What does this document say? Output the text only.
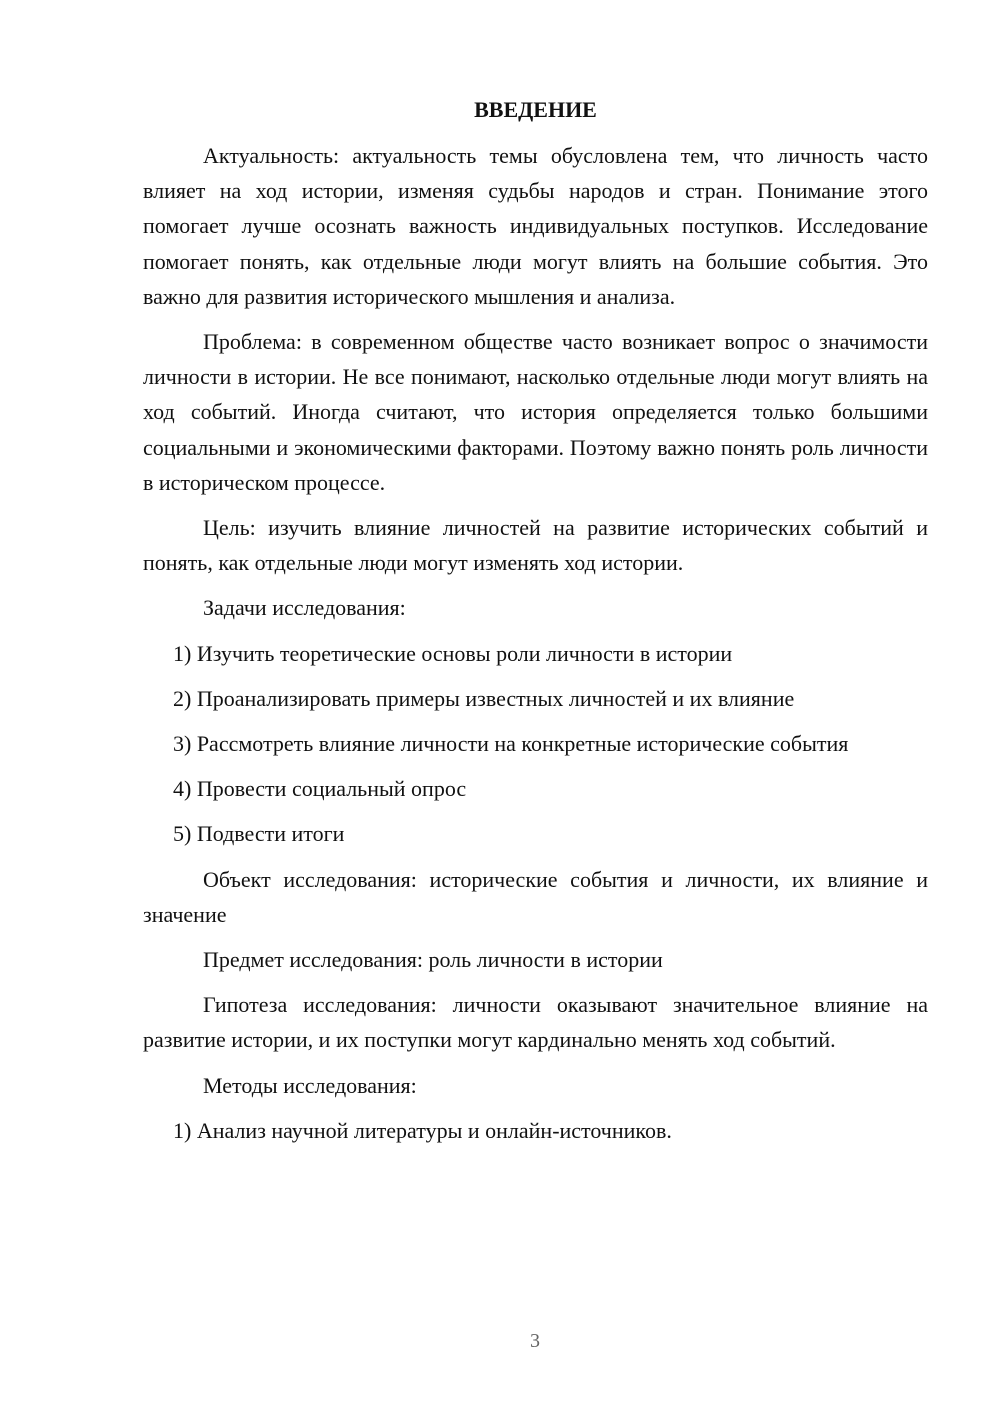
ВВЕДЕНИЕ
Актуальность: актуальность темы обусловлена тем, что личность часто влияет на ход истории, изменяя судьбы народов и стран. Понимание этого помогает лучше осознать важность индивидуальных поступков. Исследование помогает понять, как отдельные люди могут влиять на большие события. Это важно для развития исторического мышления и анализа.
Проблема: в современном обществе часто возникает вопрос о значимости личности в истории. Не все понимают, насколько отдельные люди могут влиять на ход событий. Иногда считают, что история определяется только большими социальными и экономическими факторами. Поэтому важно понять роль личности в историческом процессе.
Цель: изучить влияние личностей на развитие исторических событий и понять, как отдельные люди могут изменять ход истории.
Задачи исследования:
1) Изучить теоретические основы роли личности в истории
2) Проанализировать примеры известных личностей и их влияние
3) Рассмотреть влияние личности на конкретные исторические события
4) Провести социальный опрос
5) Подвести итоги
Объект исследования: исторические события и личности, их влияние и значение
Предмет исследования: роль личности в истории
Гипотеза исследования: личности оказывают значительное влияние на развитие истории, и их поступки могут кардинально менять ход событий.
Методы исследования:
1) Анализ научной литературы и онлайн-источников.
3
